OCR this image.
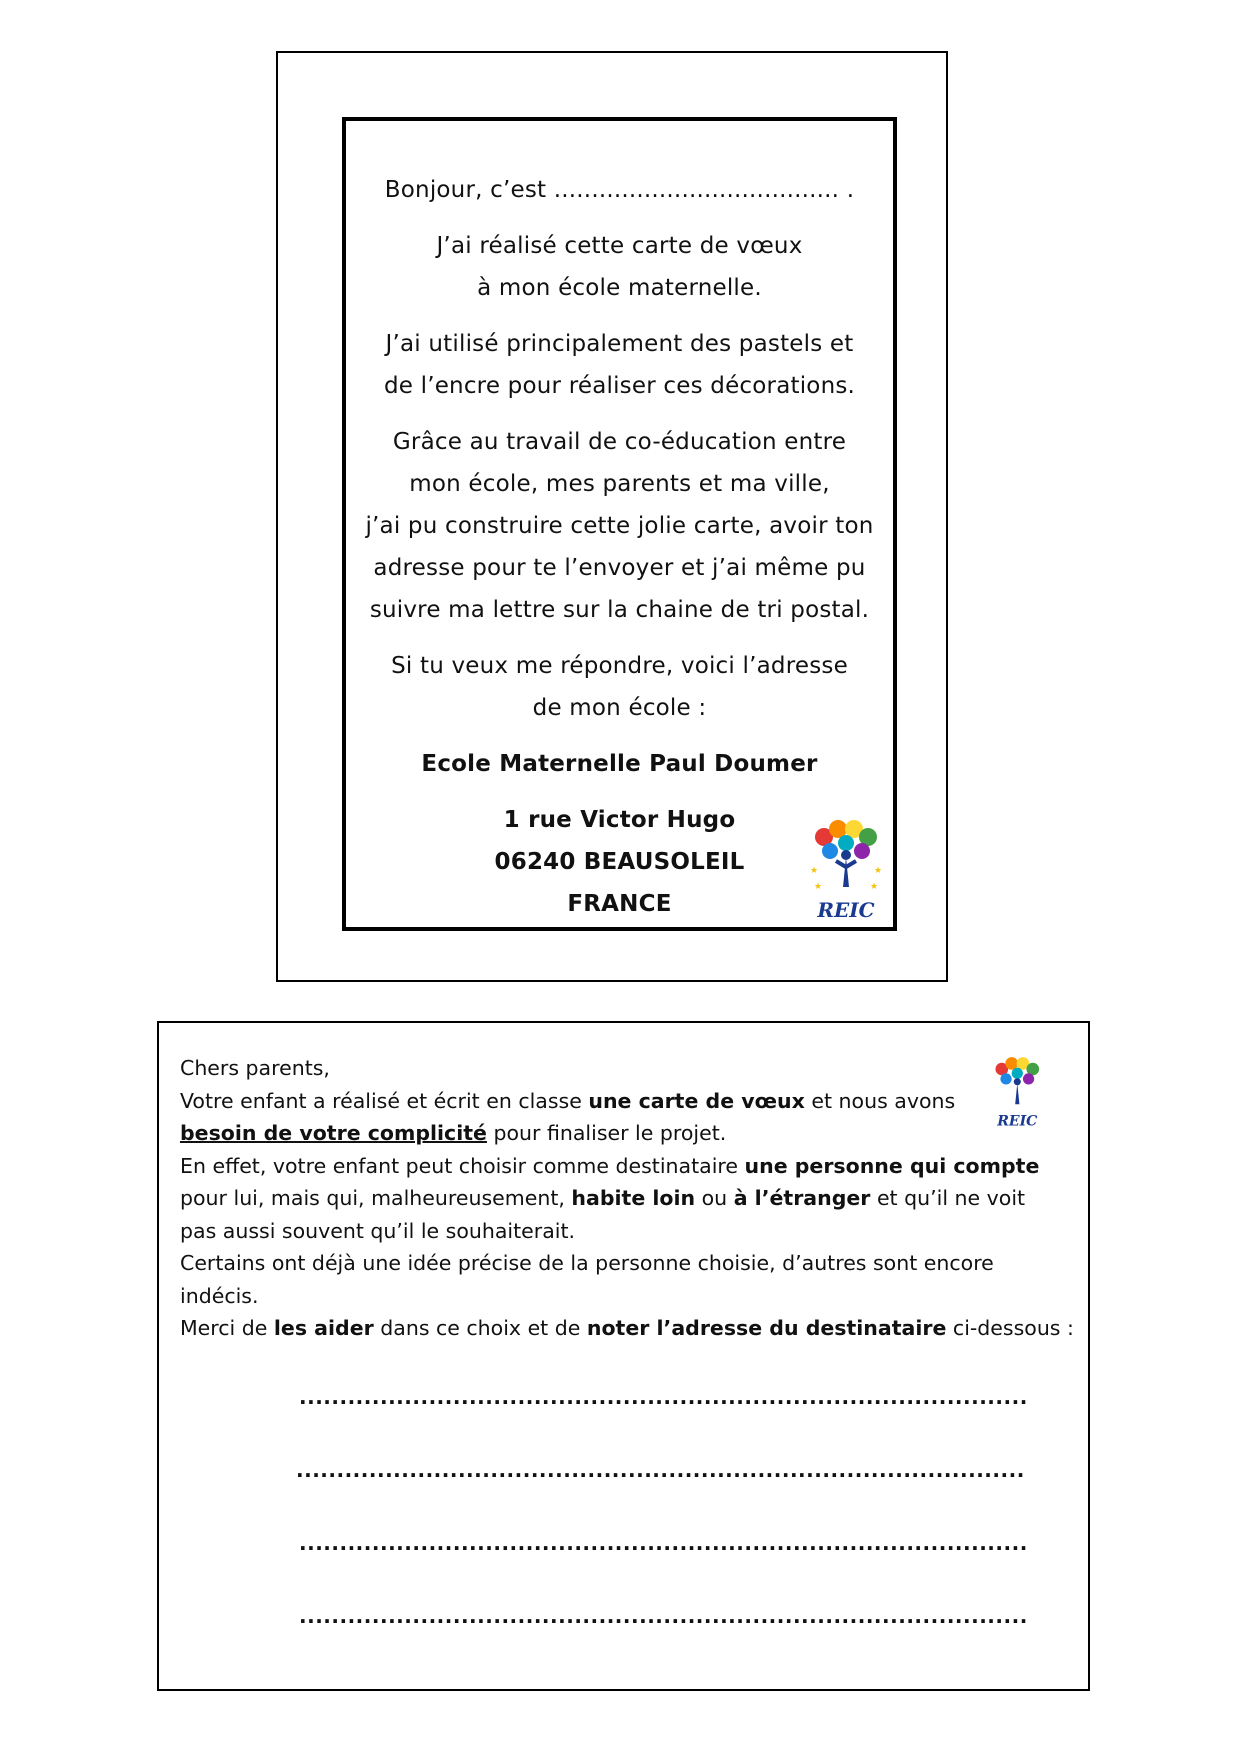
Bonjour, c’est ...................................... .

J’ai réalisé cette carte de vœux
à mon école maternelle.

J’ai utilisé principalement des pastels et
de l’encre pour réaliser ces décorations.

Grâce au travail de co-éducation entre
mon école, mes parents et ma ville,
j’ai pu construire cette jolie carte, avoir ton
adresse pour te l’envoyer et j’ai même pu
suivre ma lettre sur la chaine de tri postal.

Si tu veux me répondre, voici l’adresse
de mon école :

Ecole Maternelle Paul Doumer

1 rue Victor Hugo
06240 BEAUSOLEIL
FRANCE
★	★
★	★
REIC
Chers parents,
Votre enfant a réalisé et écrit en classe une carte de vœux et nous avons
besoin de votre complicité pour finaliser le projet.
En effet, votre enfant peut choisir comme destinataire une personne qui compte
pour lui, mais qui, malheureusement, habite loin ou à l’étranger et qu’il ne voit
pas aussi souvent qu’il le souhaiterait.
Certains ont déjà une idée précise de la personne choisie, d’autres sont encore
indécis.
Merci de les aider dans ce choix et de noter l’adresse du destinataire ci-dessous :
REIC
..........................................................................................
..........................................................................................
..........................................................................................
..........................................................................................
